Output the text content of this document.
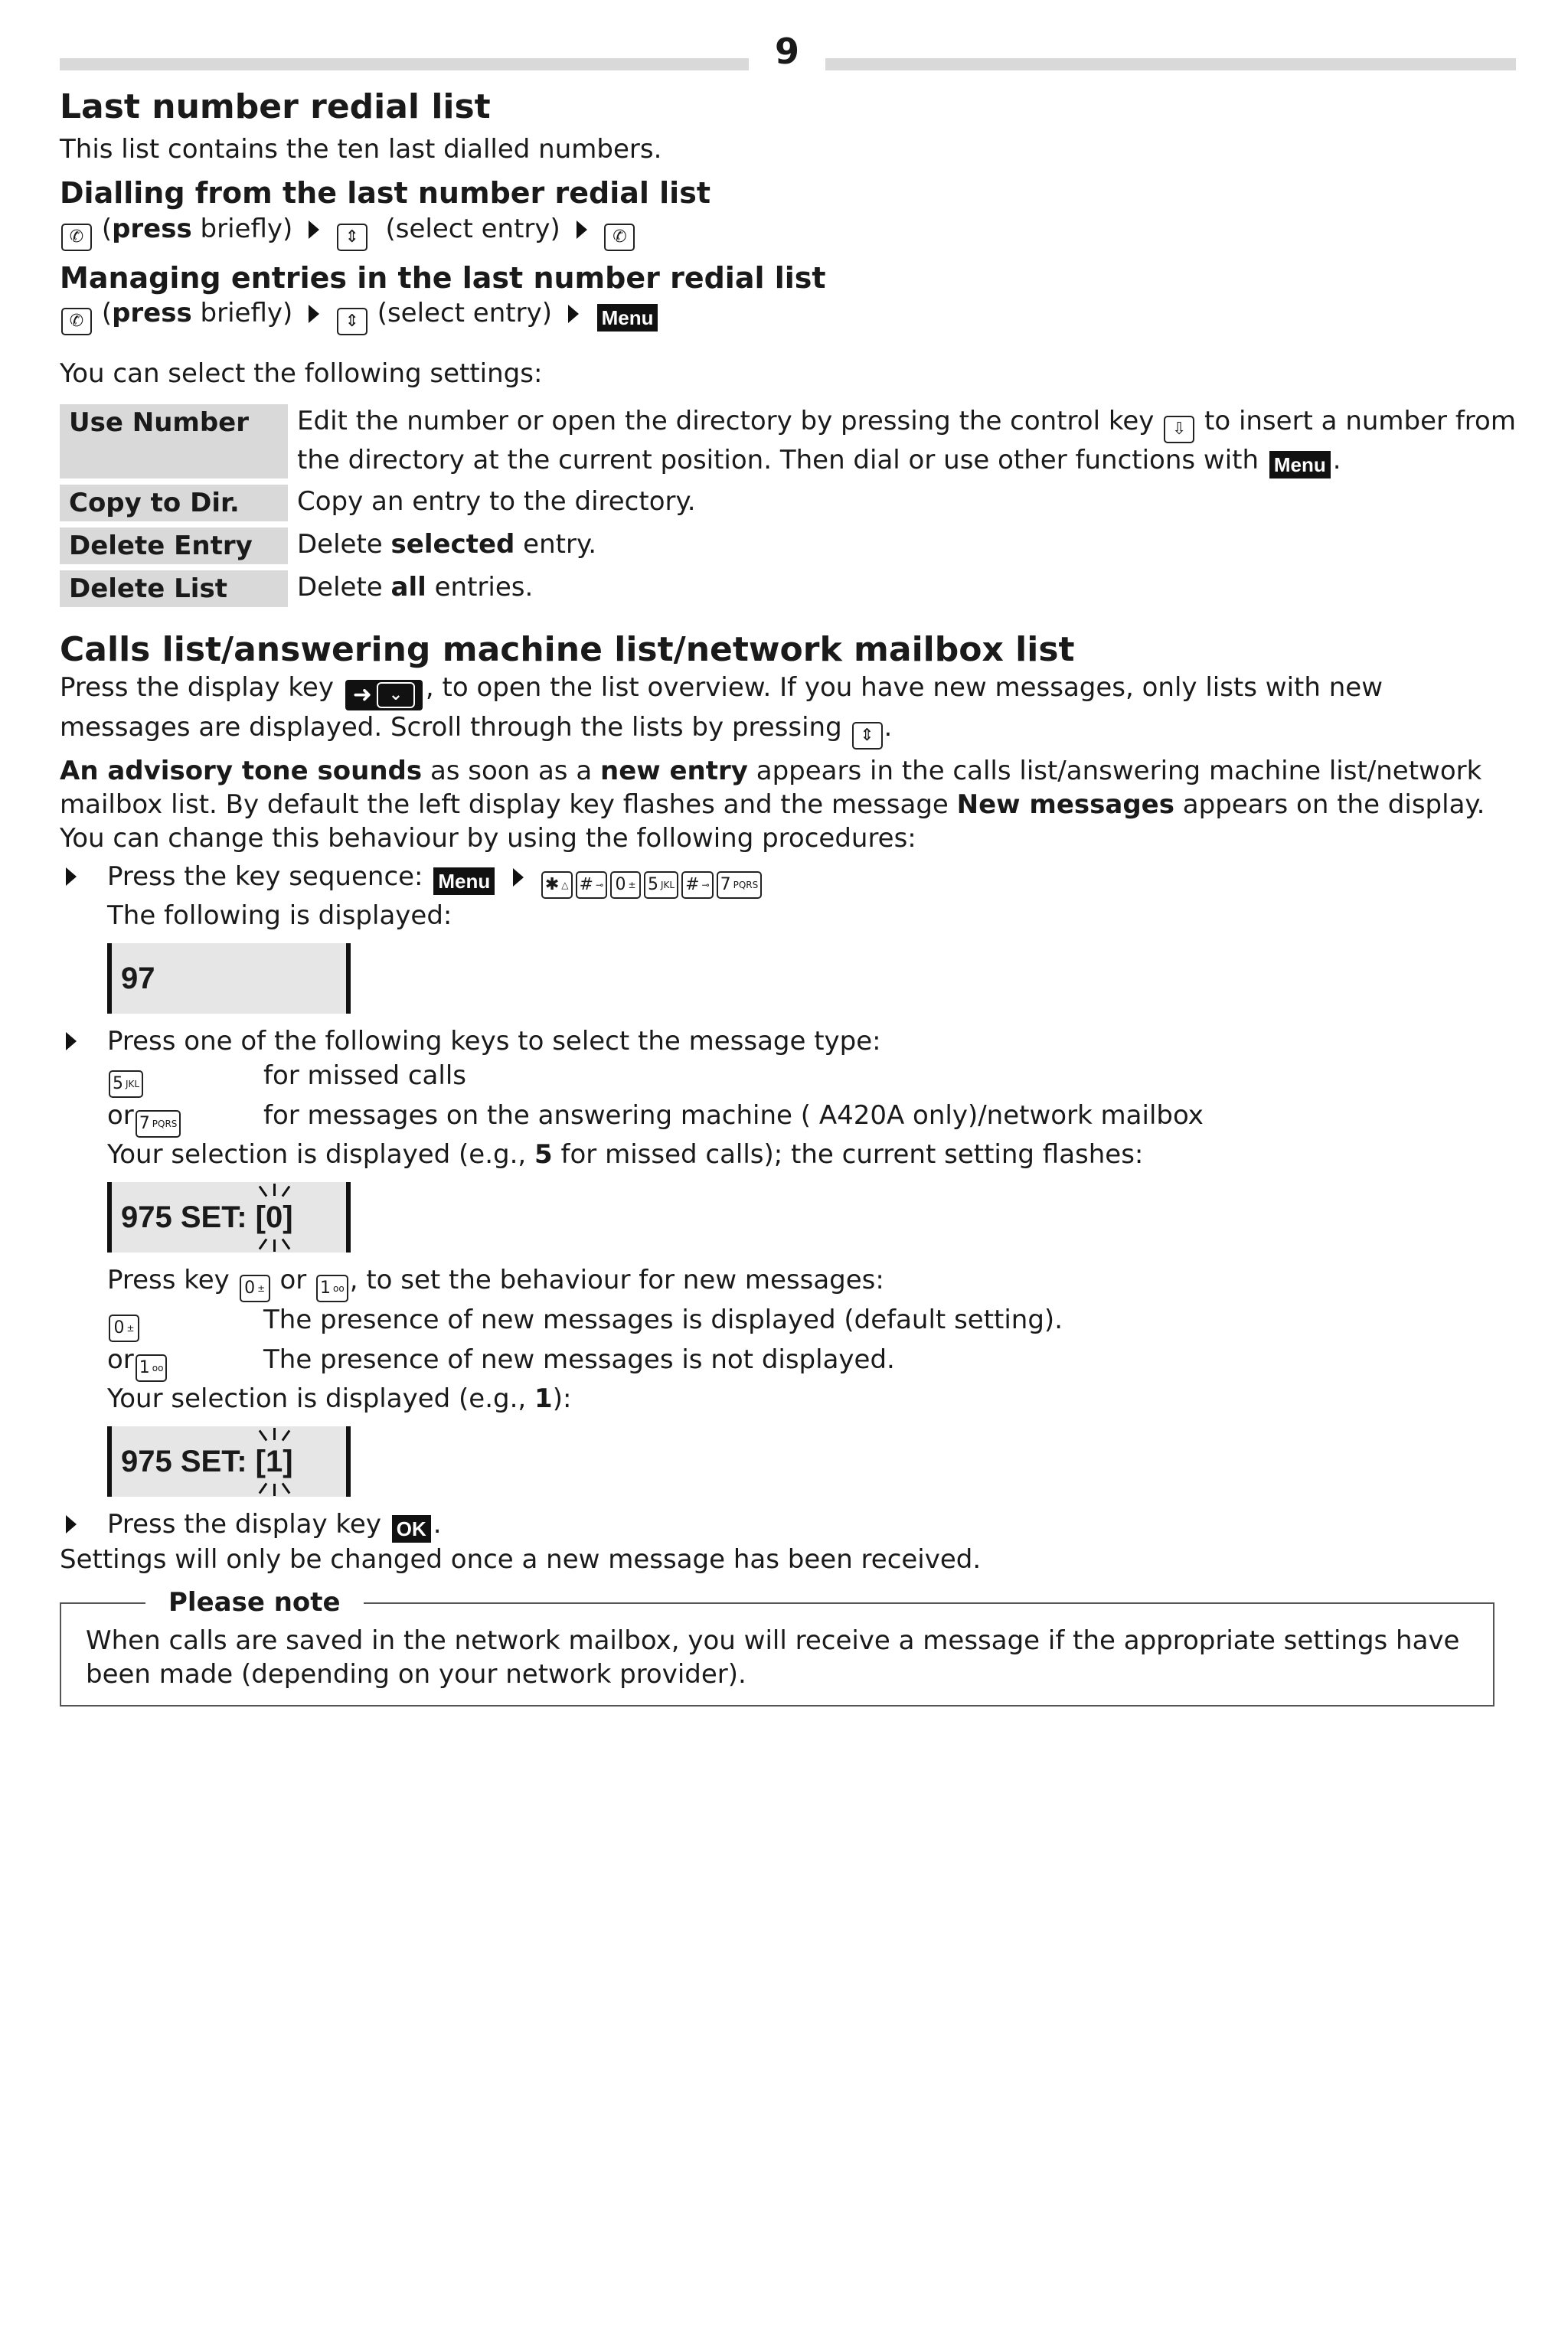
9
Last number redial list

This list contains the ten last dialled numbers.

Dialling from the last number redial list
✆ (press briefly)	⇕ (select entry)	✆
Managing entries in the last number redial list
✆ (press briefly)	⇕ (select entry) Menu

You can select the following settings:

Use Number	Edit the number or open the directory by pressing the control key ⇩ to insert a number from the directory at the current position. Then dial or use other functions with Menu .
Copy to Dir.	Copy an entry to the directory.
Delete Entry	Delete selected entry.
Delete List	Delete all entries.
Calls list/answering machine list/network mailbox list

Press the display key ➜ ⌄ , to open the list overview. If you have new messages, only lists with new messages are displayed. Scroll through the lists by pressing ⇕ .

An advisory tone sounds as soon as a new entry appears in the calls list/answering machine list/network mailbox list. By default the left display key flashes and the message New messages appears on the display. You can change this behaviour by using the following procedures:

Press the key sequence: Menu	✱ △ # ⊸ 0 ± 5 JKL # ⊸ 7 PQRS
The following is displayed:
97
Press one of the following keys to select the message type:
5 JKL	for missed calls
or 7 PQRS	for messages on the answering machine ( A420A only)/network mailbox
Your selection is displayed (e.g., 5 for missed calls); the current setting flashes:
975 SET: [ 0 ]
Press key 0 ± or 1 ᴏᴏ , to set the behaviour for new messages:
0 ±	The presence of new messages is displayed (default setting).
or 1 ᴏᴏ	The presence of new messages is not displayed.
Your selection is displayed (e.g., 1):
975 SET: [ 1 ]
Press the display key OK .

Settings will only be changed once a new message has been received.

Please note

When calls are saved in the network mailbox, you will receive a message if the appropriate settings have been made (depending on your network provider).
